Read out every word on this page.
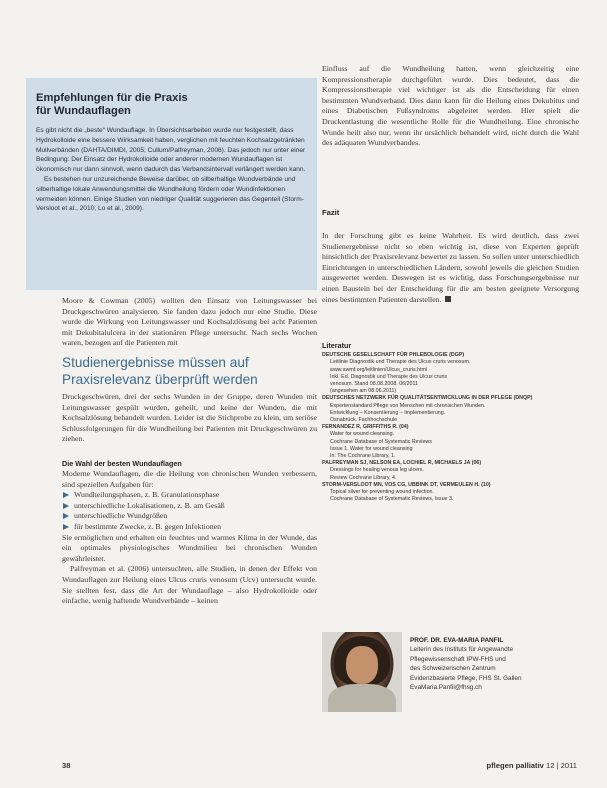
Empfehlungen für die Praxis
für Wundauflagen

Es gibt nicht die „beste“ Wundauflage. In Übersichtsarbeiten wurde nur festgestellt, dass Hydrokolloide eine bessere Wirksamkeit haben, verglichen mit feuchten Kochsalzgetränkten Mullverbänden (DAHTA/DIMDI, 2005; Cullum/Palfreyman, 2006). Das jedoch nur unter einer Bedingung: Der Einsatz der Hydrokolloide oder anderer modernen Wundauflagen ist ökonomisch nur dann sinnvoll, wenn dadurch das Verbandsintervall verlängert werden kann.

Es bestehen nur unzureichende Beweise darüber, ob silberhaltige Wundverbände und silberhaltige lokale Anwendungsmittel die Wundheilung fördern oder Wundinfektionen vermeiden können. Einige Studien von niedriger Qualität suggerieren das Gegenteil (Storm-Versloot et al., 2010; Lo et al., 2009).

Moore & Cowman (2005) wollten den Einsatz von Leitungswasser bei Druckgeschwüren analysieren. Sie fanden dazu jedoch nur eine Studie. Diese wurde die Wirkung von Leitungswasser und Kochsalzlösung bei acht Patienten mit Dekubitalulcera in der stationären Pflege untersucht. Nach sechs Wochen waren, bezogen auf die Patienten mit

Studienergebnisse müssen auf Praxisrelevanz überprüft werden

Druckgeschwüren, drei der sechs Wunden in der Gruppe, deren Wunden mit Leitungswasser gespült wurden, geheilt, und keine der Wunden, die mit Kochsalzlösung behandelt wurden. Leider ist die Stichprobe zu klein, um seriöse Schlussfolgerungen für die Wundheilung bei Patienten mit Druckgeschwüren zu ziehen.

Die Wahl der besten Wundauflagen

Moderne Wundauflagen, die die Heilung von chronischen Wunden verbessern, sind speziellen Aufgaben für:

Wundheilungsphasen, z. B. Granulationsphase
unterschiedliche Lokalisationen, z. B. am Gesäß
unterschiedliche Wundgrößen
für bestimmte Zwecke, z. B. gegen Infektionen

Sie ermöglichen und erhalten ein feuchtes und warmes Klima in der Wunde, das ein optimales physiologisches Wundmilieu bei chronischen Wunden gewährleistet.

Palfreyman et al. (2006) untersuchten, alle Studien, in denen der Effekt von Wundauflagen zur Heilung eines Ulcus cruris venosum (Ucv) untersucht wurde. Sie stellten fest, dass die Art der Wundauflage – also Hydrokolloide oder einfache, wenig haftende Wundverbände – keinen

Einfluss auf die Wundheilung hatten, wenn gleichzeitig eine Kompressionstherapie durchgeführt wurde. Dies bedeutet, dass die Kompressionstherapie viel wichtiger ist als die Entscheidung für einen bestimmten Wundverband. Dies dann kann für die Heilung eines Dekubitus und eines Diabetischen Fußsyndroms abgeleitet werden. Hier spielt die Druckentlastung die wesentliche Rolle für die Wundheilung. Eine chronische Wunde heilt also nur, wenn ihr ursächlich behandelt wird, nicht durch die Wahl des adäquaten Wundverbandes.

Fazit

In der Forschung gibt es keine Wahrheit. Es wird deutlich, dass zwei Studienergebnisse nicht so eben wichtig ist, diese von Experten geprüft hinsichtlich der Praxisrelevanz bewertet zu lassen. So sollen unter unterschiedlich Einrichtungen in unterschiedlichen Ländern, sowohl jeweils die gleichen Studien ausgewertet werden. Deswegen ist es wichtig, dass Forschungsergebnisse nur einen Baustein bei der Entscheidung für die am besten geeignete Versorgung eines bestimmten Patienten darstellen.

Literatur
DEUTSCHE GESELLSCHAFT FÜR PHLEBOLOGIE (DGP)
Leitlinie Diagnostik und Therapie des Ulcus cruris venosum.
www.awmf.org/leitlinien/Ulcus_cruris.html
Inkl. Ed. Diagnostik und Therapie des Ulcus cruris
venosum. Stand 08.08.2008. 06/2011
(angesehen am 08.06.2011)
DEUTSCHES NETZWERK FÜR QUALITÄTSENTWICKLUNG IN DER PFLEGE (DNQP)
Expertenstandard Pflege von Menschen mit chronischen Wunden.
Entwicklung – Konsentierung – Implementierung.
Osnabrück. Fachhochschule
FERNANDEZ R, GRIFFITHS R. (04)
Water for wound cleansing.
Cochrane Database of Systematic Reviews
Issue 1. Water for wound cleansing
In: The Cochrane Library, 1.
PALFREYMAN SJ, NELSON EA, LOCHIEL R, MICHAELS JA (06)
Dressings for healing venous leg ulcers.
Review Cochrane Library, 4.
STORM-VERSLOOT MN, VOS CG, UBBINK DT, VERMEULEN H. (10)
Topical silver for preventing wound infection.
Cochrane Database of Systematic Reviews, Issue 3.
PROF. DR. EVA-MARIA PANFIL
Leiterin des Instituts für Angewandte
Pflegewissenschaft IPW-FHS und
des Schweizerischen Zentrum
Evidenzbasierte Pflege, FHS St. Gallen
EvaMaria.Panfil@fhsg.ch
38	pflegen palliativ 12 | 2011
